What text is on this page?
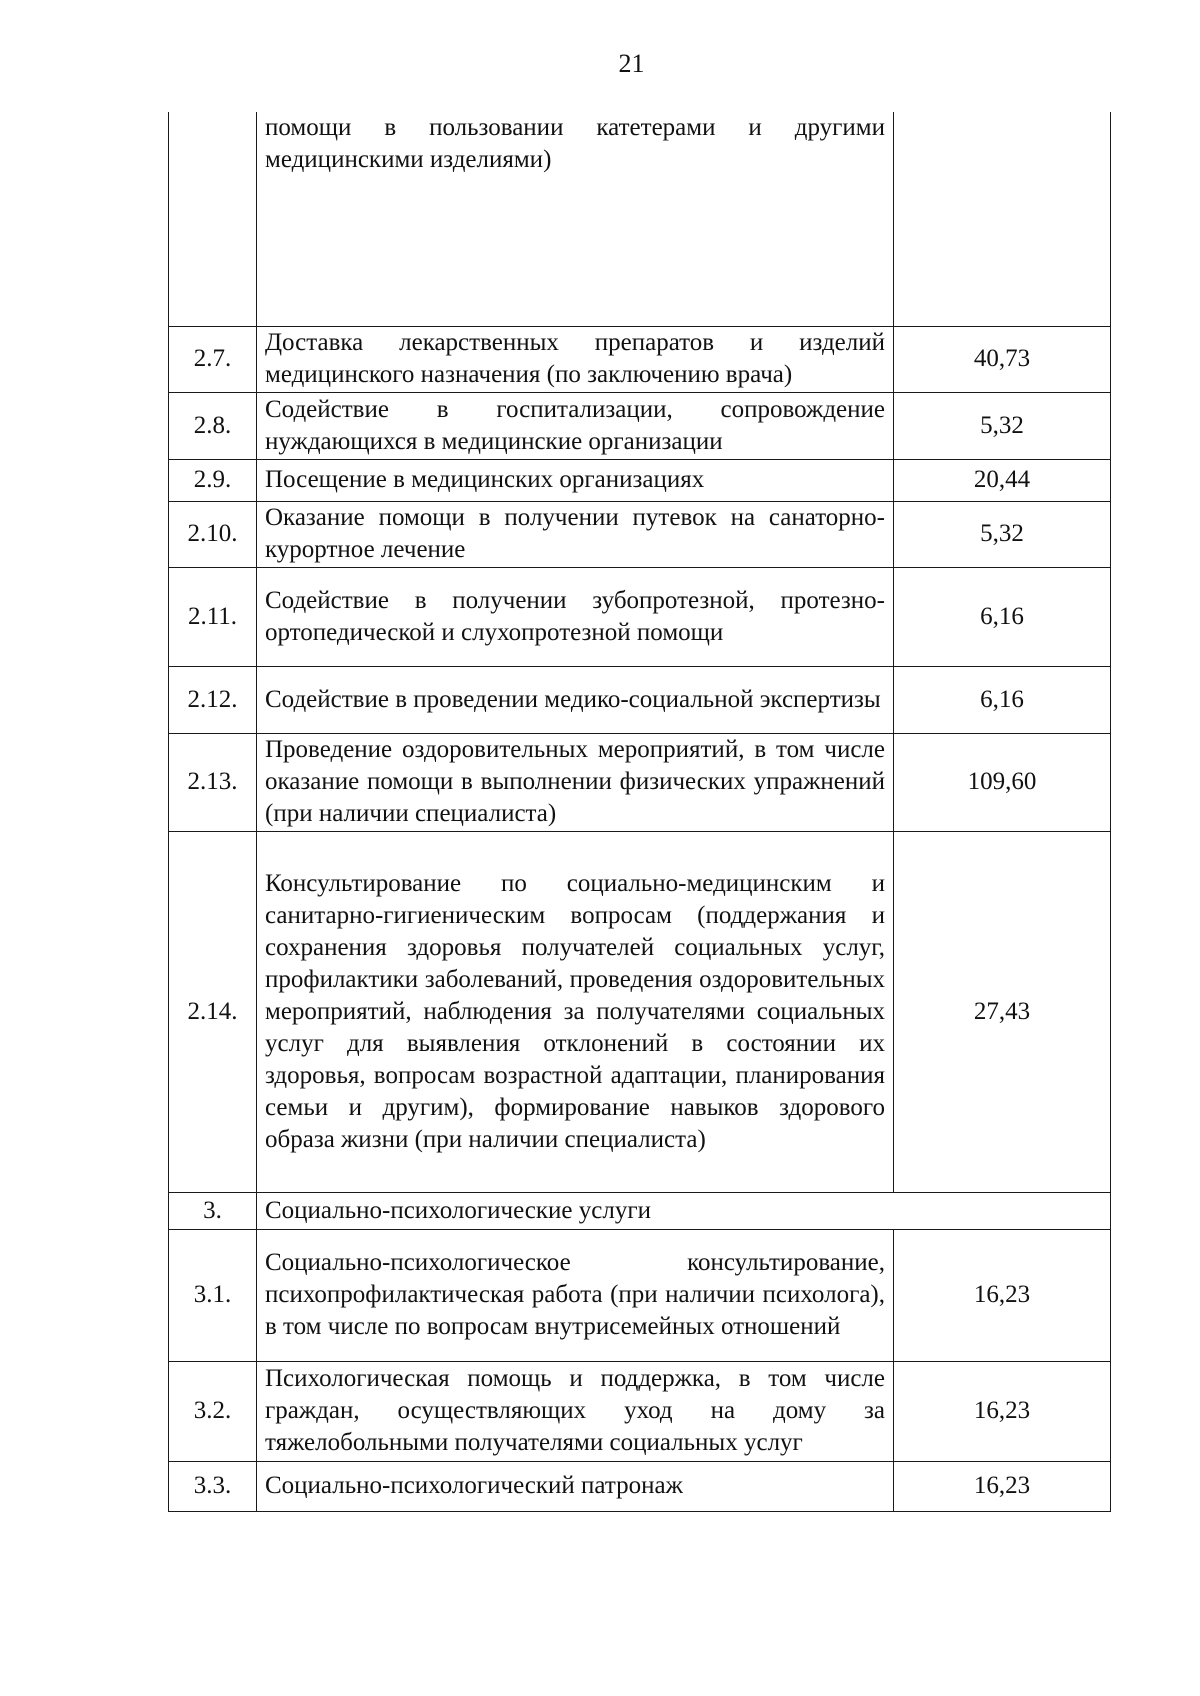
21
	помощи в пользовании катетерами и другими медицинскими изделиями)	
2.7.	Доставка лекарственных препаратов и изделий медицинского назначения (по заключению врача)	40,73
2.8.	Содействие в госпитализации, сопровождение нуждающихся в медицинские организации	5,32
2.9.	Посещение в медицинских организациях	20,44
2.10.	Оказание помощи в получении путевок на санаторно-курортное лечение	5,32
2.11.	Содействие в получении зубопротезной, протезно-ортопедической и слухопротезной помощи	6,16
2.12.	Содействие в проведении медико-социальной экспертизы	6,16
2.13.	Проведение оздоровительных мероприятий, в том числе оказание помощи в выполнении физических упражнений (при наличии специалиста)	109,60
2.14.	Консультирование по социально-медицинским и санитарно-гигиеническим вопросам (поддержания и сохранения здоровья получателей социальных услуг, профилактики заболеваний, проведения оздоровительных мероприятий, наблюдения за получателями социальных услуг для выявления отклонений в состоянии их здоровья, вопросам возрастной адаптации, планирования семьи и другим), формирование навыков здорового образа жизни (при наличии специалиста)	27,43
3.	Социально-психологические услуги	
3.1.	Социально-психологическое консультирование, психопрофилактическая работа (при наличии психолога), в том числе по вопросам внутрисемейных отношений	16,23
3.2.	Психологическая помощь и поддержка, в том числе граждан, осуществляющих уход на дому за тяжелобольными получателями социальных услуг	16,23
3.3.	Социально-психологический патронаж	16,23
